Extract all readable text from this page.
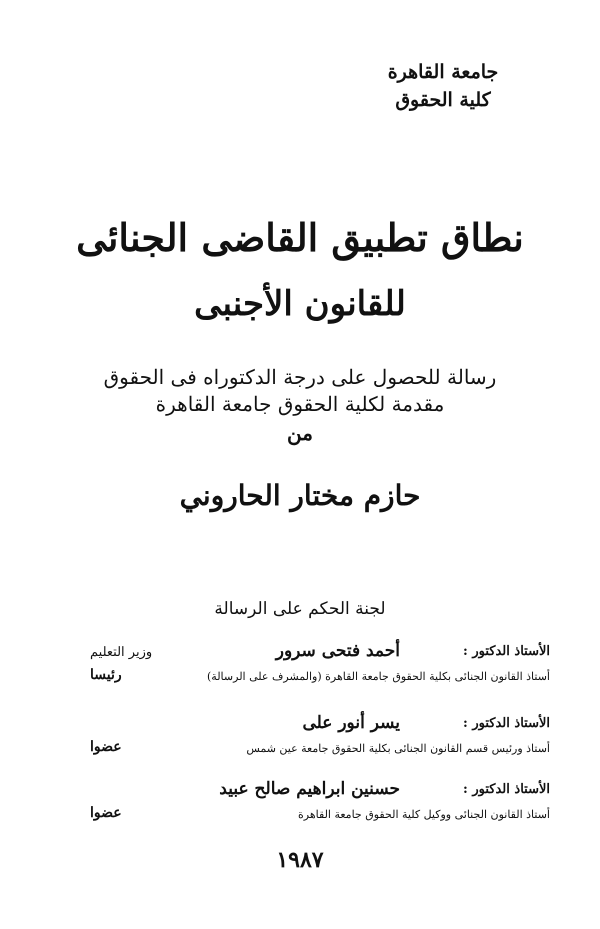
جامعة القاهرة
كلية الحقوق
نطاق تطبيق القاضى الجنائى
للقانون الأجنبى
رسالة للحصول على درجة الدكتوراه فى الحقوق
مقدمة لكلية الحقوق جامعة القاهرة
من
حازم مختار الحاروني
لجنة الحكم على الرسالة
الأستاذ الدكتور :
أحمد فتحى سرور
وزير التعليم
أستاذ القانون الجنائى بكلية الحقوق جامعة القاهرة (والمشرف على الرسالة)
رئيسا
الأستاذ الدكتور :
يسر أنور على
أستاذ ورئيس قسم القانون الجنائى بكلية الحقوق جامعة عين شمس
عضوا
الأستاذ الدكتور :
حسنين ابراهيم صالح عبيد
أستاذ القانون الجنائى ووكيل كلية الحقوق جامعة القاهرة
عضوا
١٩٨٧
